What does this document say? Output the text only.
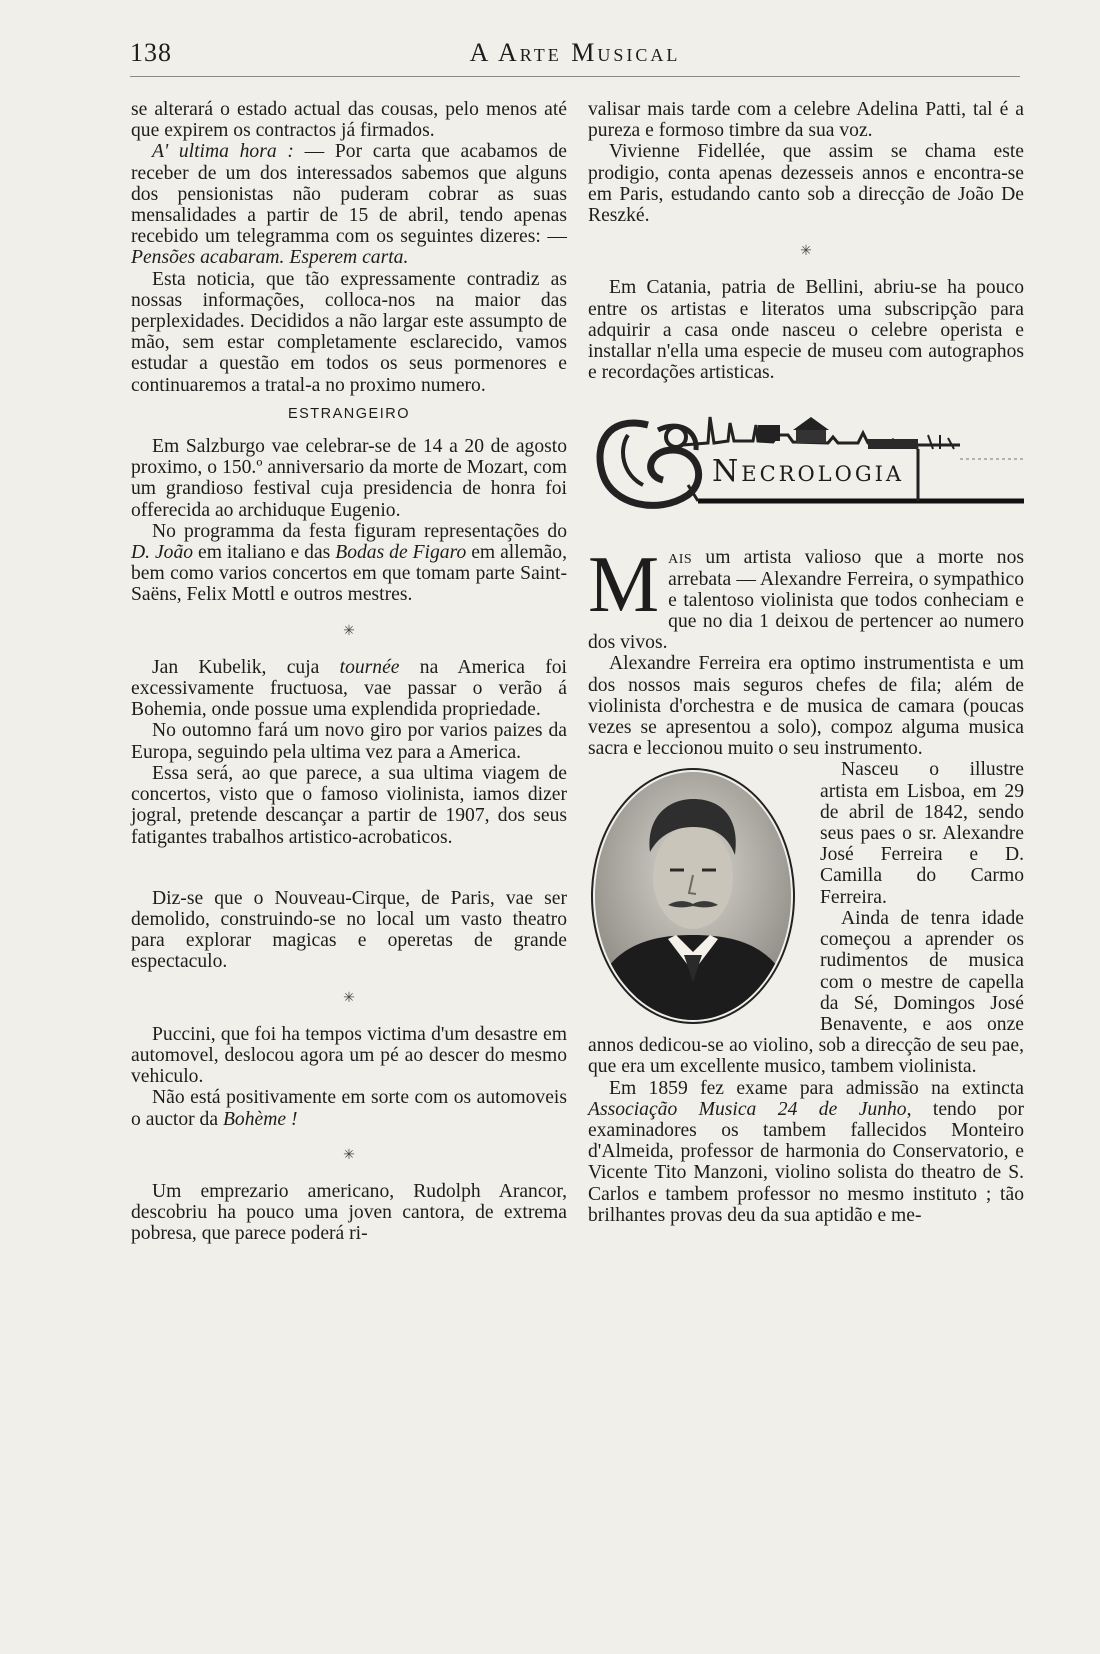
138	A Arte Musical

se alterará o estado actual das cousas, pelo menos até que expirem os contractos já firmados.

A' ultima hora : — Por carta que acabamos de receber de um dos interessados sabemos que alguns dos pensionistas não puderam cobrar as suas mensalidades a partir de 15 de abril, tendo apenas recebido um telegramma com os seguintes dizeres: — Pensões acabaram. Esperem carta.

Esta noticia, que tão expressamente contradiz as nossas informações, colloca-nos na maior das perplexidades. Decididos a não largar este assumpto de mão, sem estar completamente esclarecido, vamos estudar a questão em todos os seus pormenores e continuaremos a tratal-a no proximo numero.

ESTRANGEIRO

Em Salzburgo vae celebrar-se de 14 a 20 de agosto proximo, o 150.º anniversario da morte de Mozart, com um grandioso festival cuja presidencia de honra foi offerecida ao archiduque Eugenio.

No programma da festa figuram representações do D. João em italiano e das Bodas de Figaro em allemão, bem como varios concertos em que tomam parte Saint-Saëns, Felix Mottl e outros mestres.

✳

Jan Kubelik, cuja tournée na America foi excessivamente fructuosa, vae passar o verão á Bohemia, onde possue uma explendida propriedade.

No outomno fará um novo giro por varios paizes da Europa, seguindo pela ultima vez para a America.

Essa será, ao que parece, a sua ultima viagem de concertos, visto que o famoso violinista, iamos dizer jogral, pretende descançar a partir de 1907, dos seus fatigantes trabalhos artistico-acrobaticos.

Diz-se que o Nouveau-Cirque, de Paris, vae ser demolido, construindo-se no local um vasto theatro para explorar magicas e operetas de grande espectaculo.

✳

Puccini, que foi ha tempos victima d'um desastre em automovel, deslocou agora um pé ao descer do mesmo vehiculo.

Não está positivamente em sorte com os automoveis o auctor da Bohème !

✳

Um emprezario americano, Rudolph Arancor, descobriu ha pouco uma joven cantora, de extrema pobresa, que parece poderá ri-

valisar mais tarde com a celebre Adelina Patti, tal é a pureza e formoso timbre da sua voz.

Vivienne Fidellée, que assim se chama este prodigio, conta apenas dezesseis annos e encontra-se em Paris, estudando canto sob a direcção de João De Reszké.

✳

Em Catania, patria de Bellini, abriu-se ha pouco entre os artistas e literatos uma subscripção para adquirir a casa onde nasceu o celebre operista e installar n'ella uma especie de museu com autographos e recordações artisticas.

Necrologia

Mais um artista valioso que a morte nos arrebata — Alexandre Ferreira, o sympathico e talentoso violinista que todos conheciam e que no dia 1 deixou de pertencer ao numero dos vivos.

Alexandre Ferreira era optimo instrumentista e um dos nossos mais seguros chefes de fila; além de violinista d'orchestra e de musica de camara (poucas vezes se apresentou a solo), compoz alguma musica sacra e leccionou muito o seu instrumento.

Nasceu o illustre artista em Lisboa, em 29 de abril de 1842, sendo seus paes o sr. Alexandre José Ferreira e D. Camilla do Carmo Ferreira.

Ainda de tenra idade começou a aprender os rudimentos de musica com o mestre de capella da Sé, Domingos José Benavente, e aos onze annos dedicou-se ao violino, sob a direcção de seu pae, que era um excellente musico, tambem violinista.

Em 1859 fez exame para admissão na extincta Associação Musica 24 de Junho, tendo por examinadores os tambem fallecidos Monteiro d'Almeida, professor de harmonia do Conservatorio, e Vicente Tito Manzoni, violino solista do theatro de S. Carlos e tambem professor no mesmo instituto ; tão brilhantes provas deu da sua aptidão e me-
